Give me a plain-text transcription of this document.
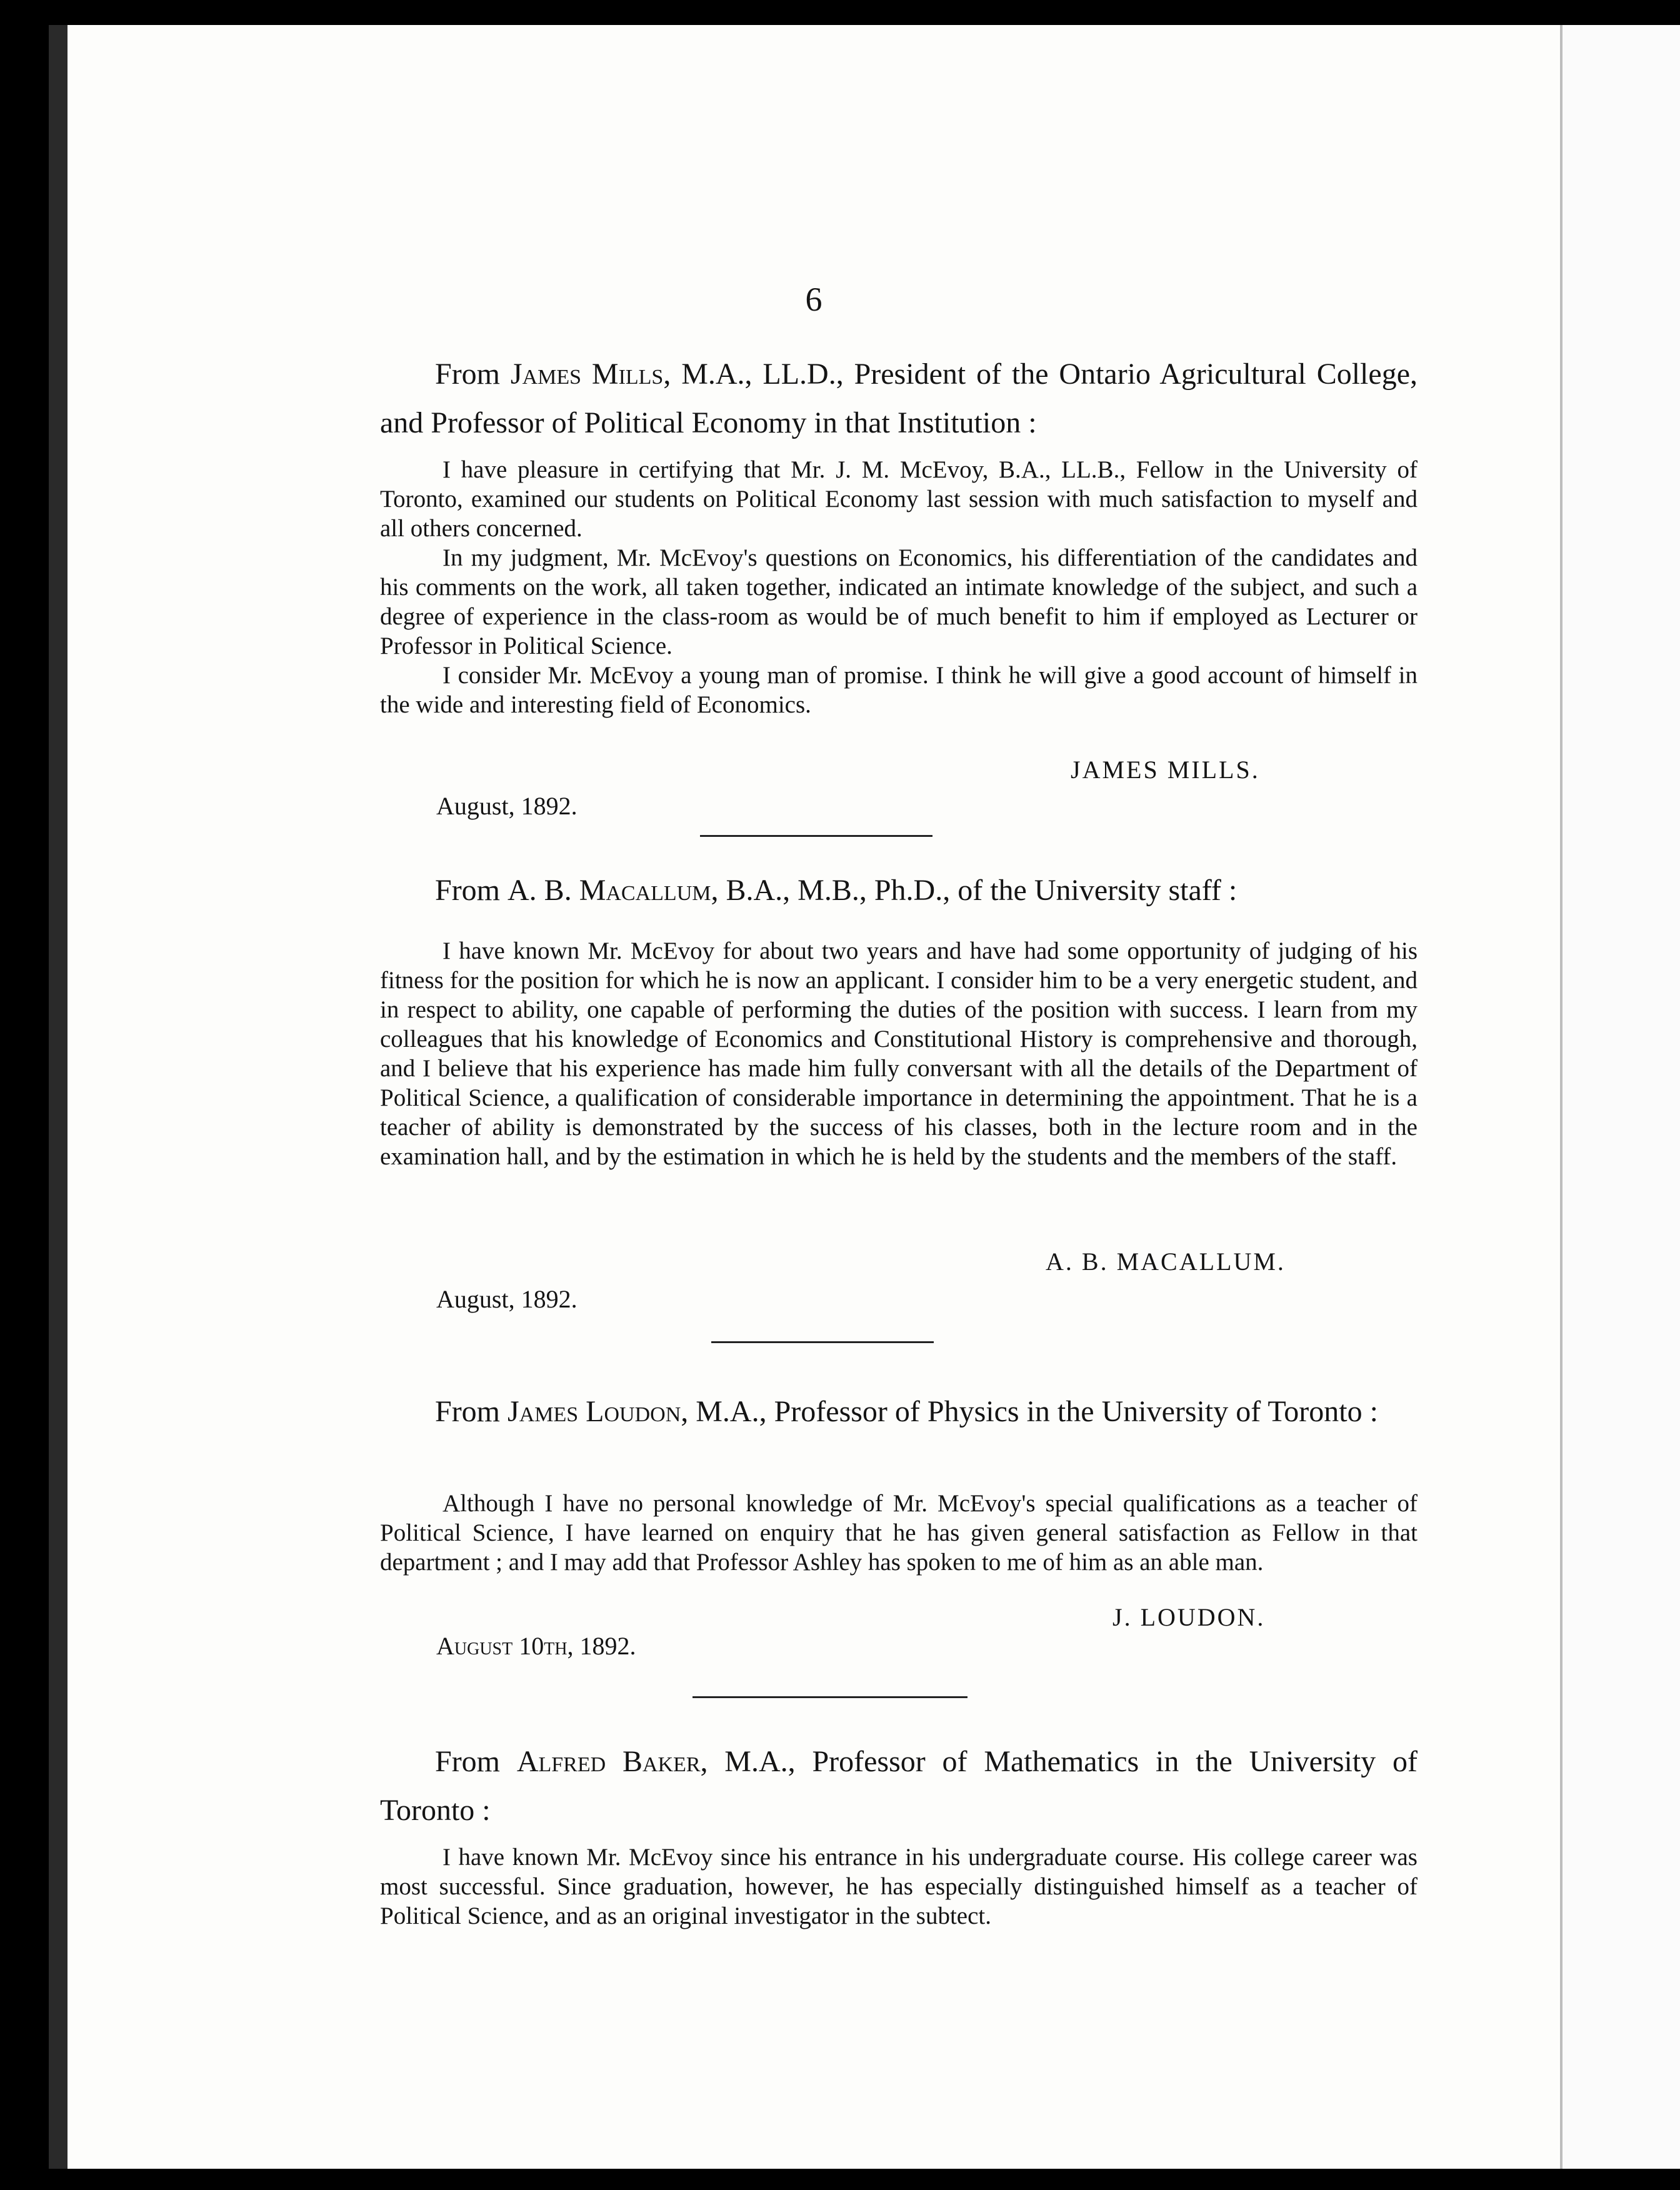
6
From James Mills, M.A., LL.D., President of the Ontario Agricultural College, and Professor of Political Economy in that Institution :

I have pleasure in certifying that Mr. J. M. McEvoy, B.A., LL.B., Fellow in the University of Toronto, examined our students on Political Economy last session with much satisfaction to myself and all others concerned.

In my judgment, Mr. McEvoy's questions on Economics, his differentiation of the candidates and his comments on the work, all taken together, indicated an intimate knowledge of the subject, and such a degree of experience in the class-room as would be of much benefit to him if employed as Lecturer or Professor in Political Science.

I consider Mr. McEvoy a young man of promise. I think he will give a good account of himself in the wide and interesting field of Economics.

JAMES MILLS.
August, 1892.
From A. B. Macallum, B.A., M.B., Ph.D., of the University staff :

I have known Mr. McEvoy for about two years and have had some opportunity of judging of his fitness for the position for which he is now an applicant. I consider him to be a very energetic student, and in respect to ability, one capable of performing the duties of the position with success. I learn from my colleagues that his knowledge of Economics and Constitutional History is comprehensive and thorough, and I believe that his experience has made him fully conversant with all the details of the Department of Political Science, a qualification of considerable importance in determining the appointment. That he is a teacher of ability is demonstrated by the success of his classes, both in the lecture room and in the examination hall, and by the estimation in which he is held by the students and the members of the staff.

A. B. MACALLUM.
August, 1892.
From James Loudon, M.A., Professor of Physics in the University of Toronto :

Although I have no personal knowledge of Mr. McEvoy's special qualifications as a teacher of Political Science, I have learned on enquiry that he has given general satisfaction as Fellow in that department ; and I may add that Professor Ashley has spoken to me of him as an able man.

J. LOUDON.
August 10th, 1892.
From Alfred Baker, M.A., Professor of Mathematics in the University of Toronto :

I have known Mr. McEvoy since his entrance in his undergraduate course. His college career was most successful. Since graduation, however, he has especially distinguished himself as a teacher of Political Science, and as an original investigator in the subtect.
